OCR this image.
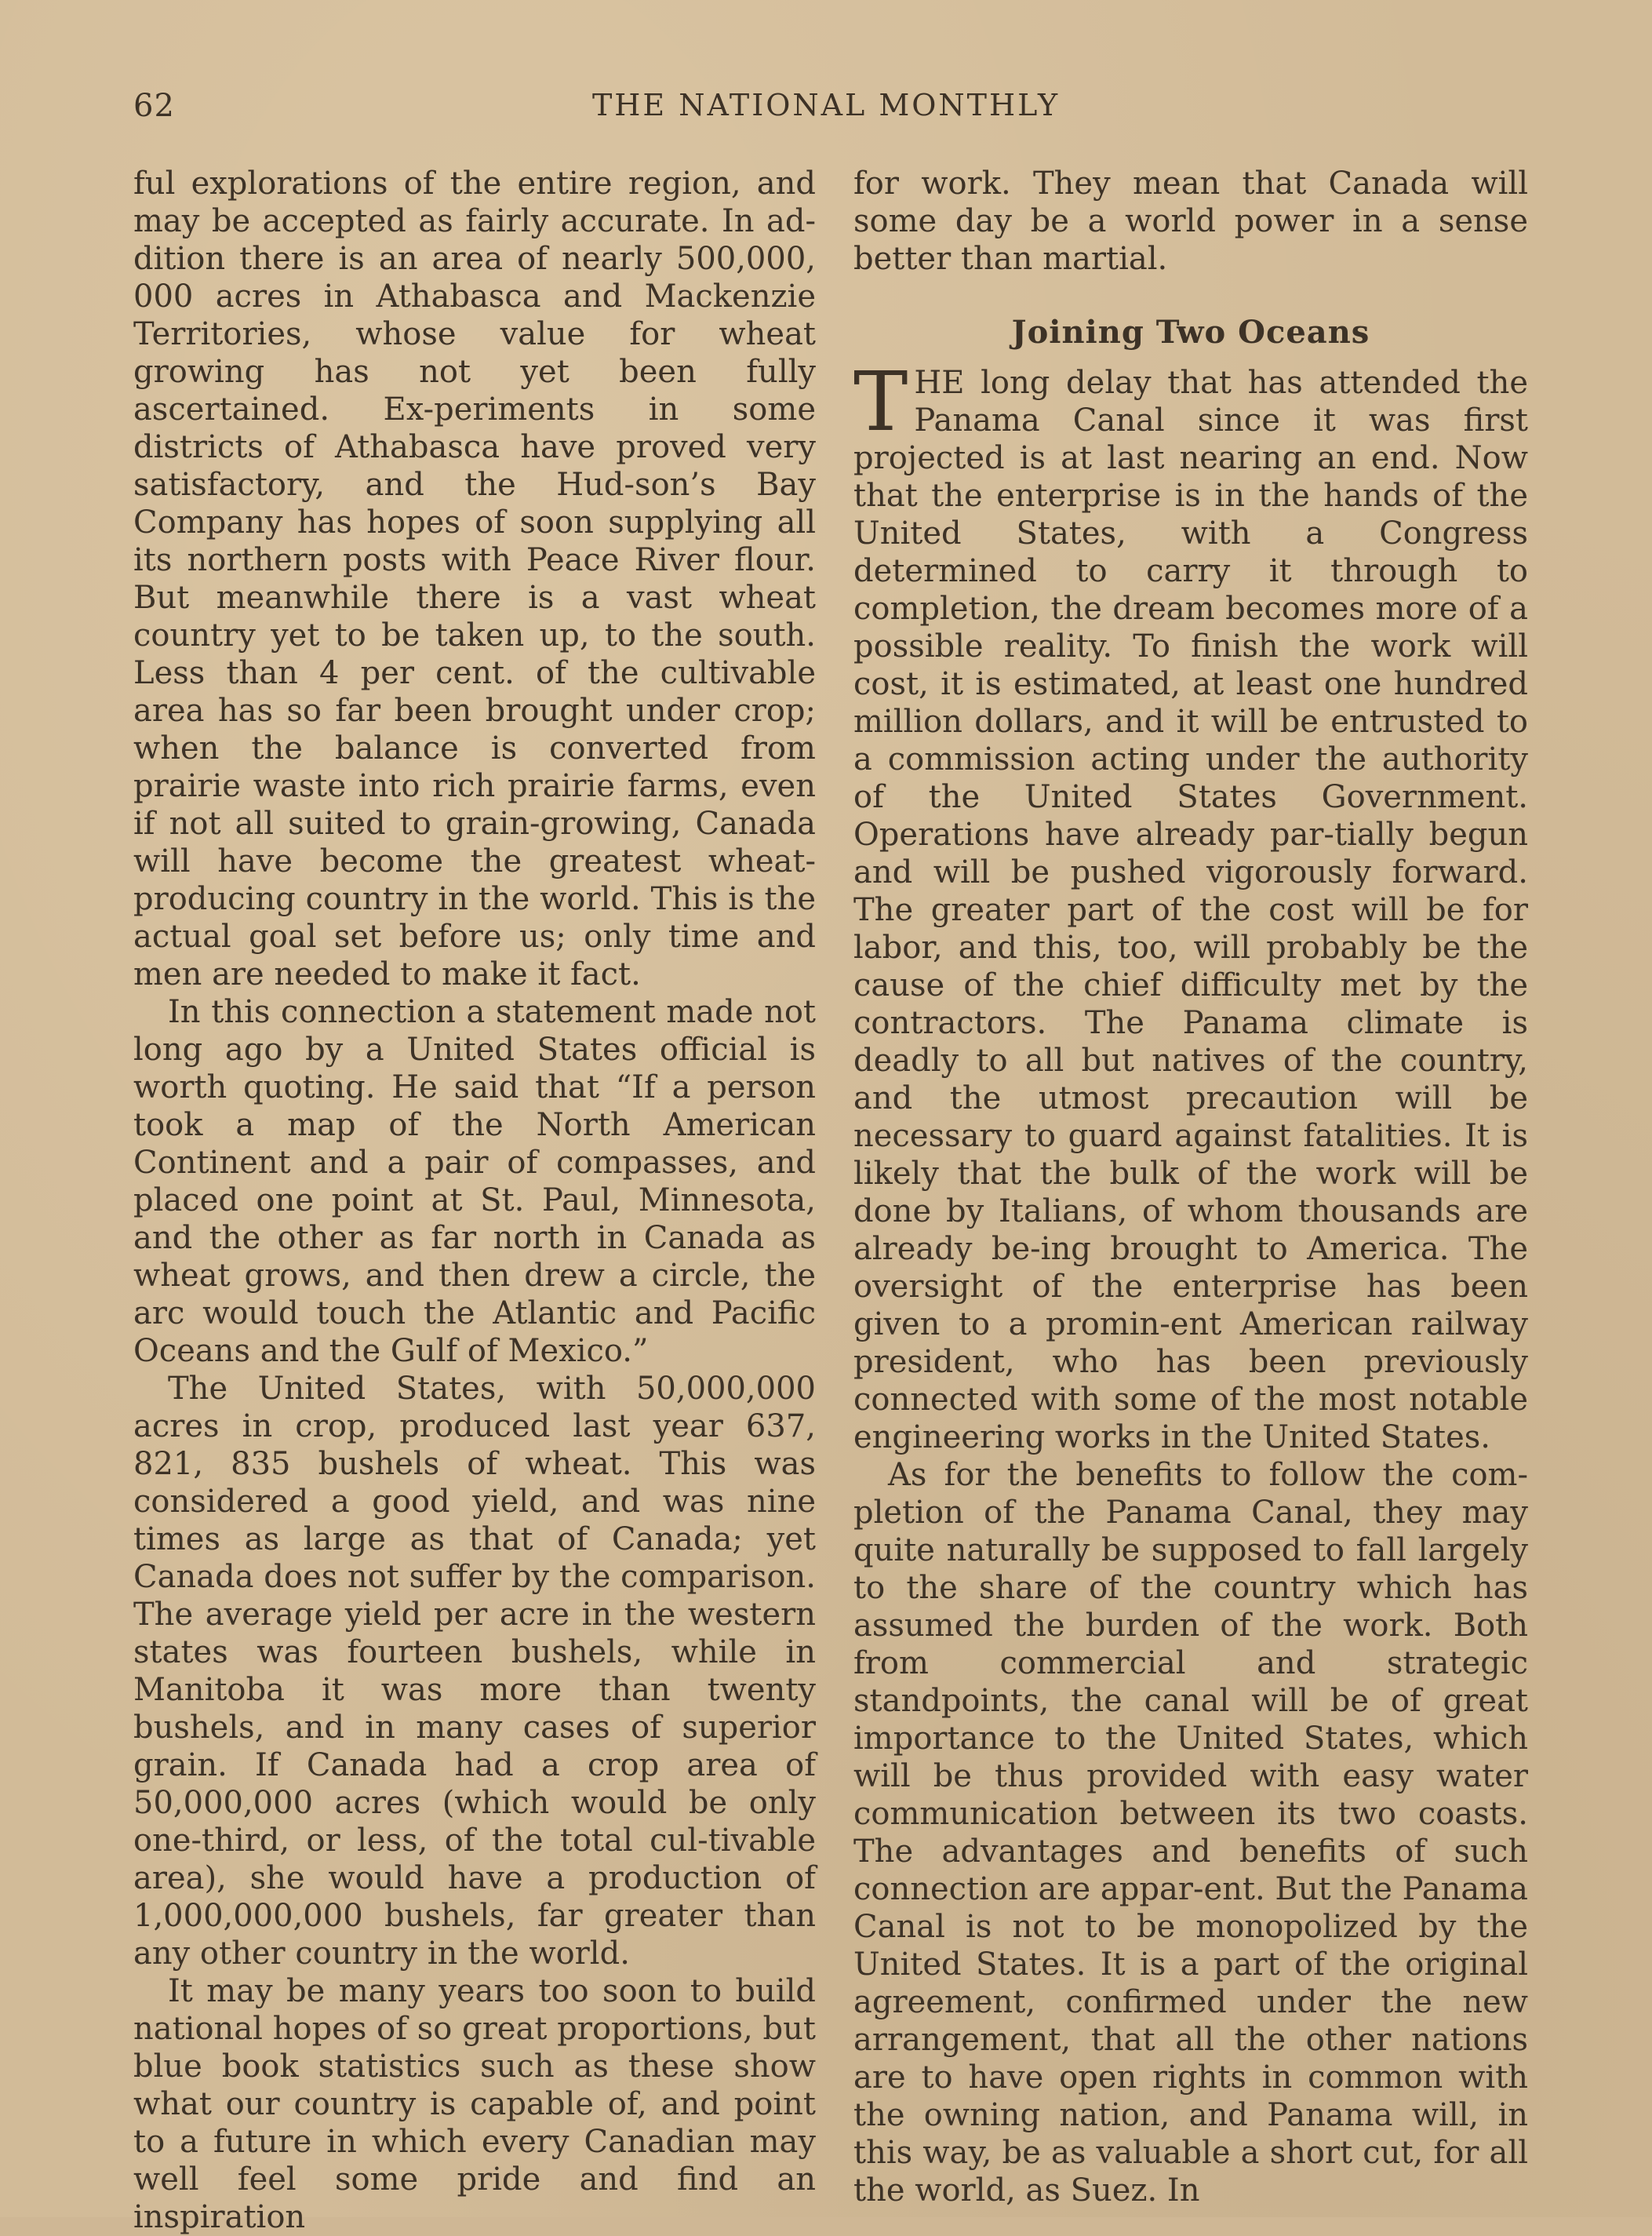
62	THE NATIONAL MONTHLY

ful explorations of the entire region, and may be accepted as fairly accurate. In ad-dition there is an area of nearly 500,000, 000 acres in Athabasca and Mackenzie Territories, whose value for wheat growing has not yet been fully ascertained. Ex-periments in some districts of Athabasca have proved very satisfactory, and the Hud-son’s Bay Company has hopes of soon supplying all its northern posts with Peace River flour. But meanwhile there is a vast wheat country yet to be taken up, to the south. Less than 4 per cent. of the cultivable area has so far been brought under crop; when the balance is converted from prairie waste into rich prairie farms, even if not all suited to grain-growing, Canada will have become the greatest wheat-producing country in the world. This is the actual goal set before us; only time and men are needed to make it fact.

In this connection a statement made not long ago by a United States official is worth quoting. He said that “If a person took a map of the North American Continent and a pair of compasses, and placed one point at St. Paul, Minnesota, and the other as far north in Canada as wheat grows, and then drew a circle, the arc would touch the Atlantic and Pacific Oceans and the Gulf of Mexico.”

The United States, with 50,000,000 acres in crop, produced last year 637, 821, 835 bushels of wheat. This was considered a good yield, and was nine times as large as that of Canada; yet Canada does not suffer by the comparison. The average yield per acre in the western states was fourteen bushels, while in Manitoba it was more than twenty bushels, and in many cases of superior grain. If Canada had a crop area of 50,000,000 acres (which would be only one-third, or less, of the total cul-tivable area), she would have a production of 1,000,000,000 bushels, far greater than any other country in the world.

It may be many years too soon to build national hopes of so great proportions, but blue book statistics such as these show what our country is capable of, and point to a future in which every Canadian may well feel some pride and find an inspiration

for work. They mean that Canada will some day be a world power in a sense better than martial.

Joining Two Oceans

THE long delay that has attended the Panama Canal since it was first projected is at last nearing an end. Now that the enterprise is in the hands of the United States, with a Congress determined to carry it through to completion, the dream becomes more of a possible reality. To finish the work will cost, it is estimated, at least one hundred million dollars, and it will be entrusted to a commission acting under the authority of the United States Government. Operations have already par-tially begun and will be pushed vigorously forward. The greater part of the cost will be for labor, and this, too, will probably be the cause of the chief difficulty met by the contractors. The Panama climate is deadly to all but natives of the country, and the utmost precaution will be necessary to guard against fatalities. It is likely that the bulk of the work will be done by Italians, of whom thousands are already be-ing brought to America. The oversight of the enterprise has been given to a promin-ent American railway president, who has been previously connected with some of the most notable engineering works in the United States.

As for the benefits to follow the com-pletion of the Panama Canal, they may quite naturally be supposed to fall largely to the share of the country which has assumed the burden of the work. Both from commercial and strategic standpoints, the canal will be of great importance to the United States, which will be thus provided with easy water communication between its two coasts. The advantages and benefits of such connection are appar-ent. But the Panama Canal is not to be monopolized by the United States. It is a part of the original agreement, confirmed under the new arrangement, that all the other nations are to have open rights in common with the owning nation, and Panama will, in this way, be as valuable a short cut, for all the world, as Suez. In
